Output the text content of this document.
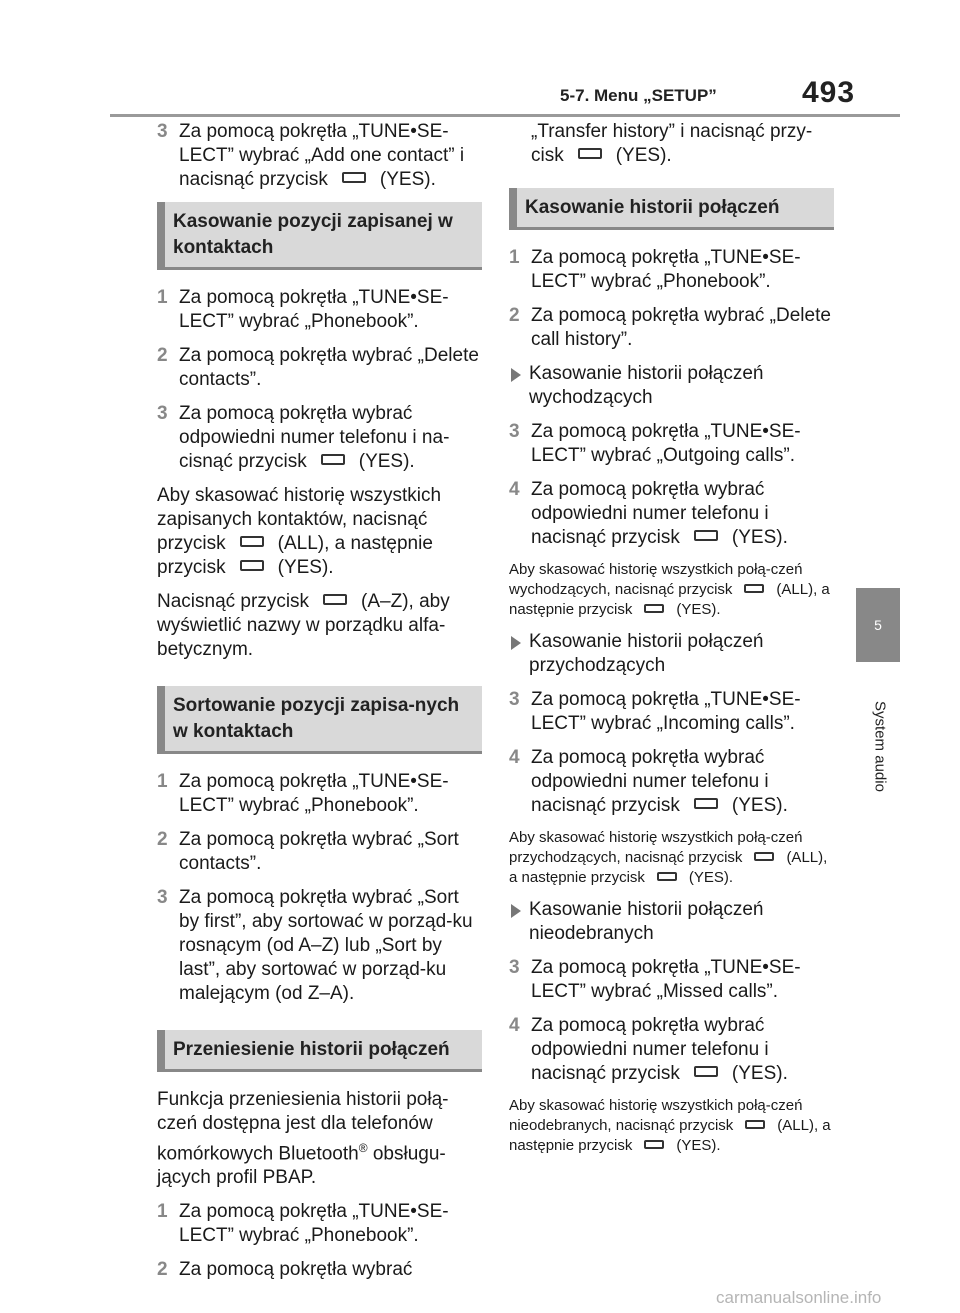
5-7. Menu „SETUP”	493
5
System audio
3 Za pomocą pokrętła „TUNE•SE-LECT” wybrać „Add one contact” i nacisnąć przycisk	(YES).
Kasowanie pozycji zapisanej w kontaktach
1 Za pomocą pokrętła „TUNE•SE-LECT” wybrać „Phonebook”.
2 Za pomocą pokrętła wybrać „Delete contacts”.
3 Za pomocą pokrętła wybrać odpowiedni numer telefonu i na-cisnąć przycisk	(YES).
Aby skasować historię wszystkich zapisanych kontaktów, nacisnąć przycisk	(ALL), a następnie przycisk	(YES).
Nacisnąć przycisk	(A–Z), aby wyświetlić nazwy w porządku alfa-betycznym.
Sortowanie pozycji zapisa-nych w kontaktach
1 Za pomocą pokrętła „TUNE•SE-LECT” wybrać „Phonebook”.
2 Za pomocą pokrętła wybrać „Sort contacts”.
3 Za pomocą pokrętła wybrać „Sort by first”, aby sortować w porząd-ku rosnącym (od A–Z) lub „Sort by last”, aby sortować w porząd-ku malejącym (od Z–A).
Przeniesienie historii połączeń
Funkcja przeniesienia historii połą-czeń dostępna jest dla telefonów komórkowych Bluetooth® obsługu-jących profil PBAP.
1 Za pomocą pokrętła „TUNE•SE-LECT” wybrać „Phonebook”.
2 Za pomocą pokrętła wybrać
„Transfer history” i nacisnąć przy-cisk	(YES).
Kasowanie historii połączeń
1 Za pomocą pokrętła „TUNE•SE-LECT” wybrać „Phonebook”.
2 Za pomocą pokrętła wybrać „Delete call history”.
Kasowanie historii połączeń wychodzących
3 Za pomocą pokrętła „TUNE•SE-LECT” wybrać „Outgoing calls”.
4 Za pomocą pokrętła wybrać odpowiedni numer telefonu i nacisnąć przycisk	(YES).
Aby skasować historię wszystkich połą-czeń wychodzących, nacisnąć przycisk	(ALL), a następnie przycisk	(YES).
Kasowanie historii połączeń przychodzących
3 Za pomocą pokrętła „TUNE•SE-LECT” wybrać „Incoming calls”.
4 Za pomocą pokrętła wybrać odpowiedni numer telefonu i nacisnąć przycisk	(YES).
Aby skasować historię wszystkich połą-czeń przychodzących, nacisnąć przycisk	(ALL), a następnie przycisk	(YES).
Kasowanie historii połączeń nieodebranych
3 Za pomocą pokrętła „TUNE•SE-LECT” wybrać „Missed calls”.
4 Za pomocą pokrętła wybrać odpowiedni numer telefonu i nacisnąć przycisk	(YES).
Aby skasować historię wszystkich połą-czeń nieodebranych, nacisnąć przycisk	(ALL), a następnie przycisk	(YES).
carmanualsonline.info
